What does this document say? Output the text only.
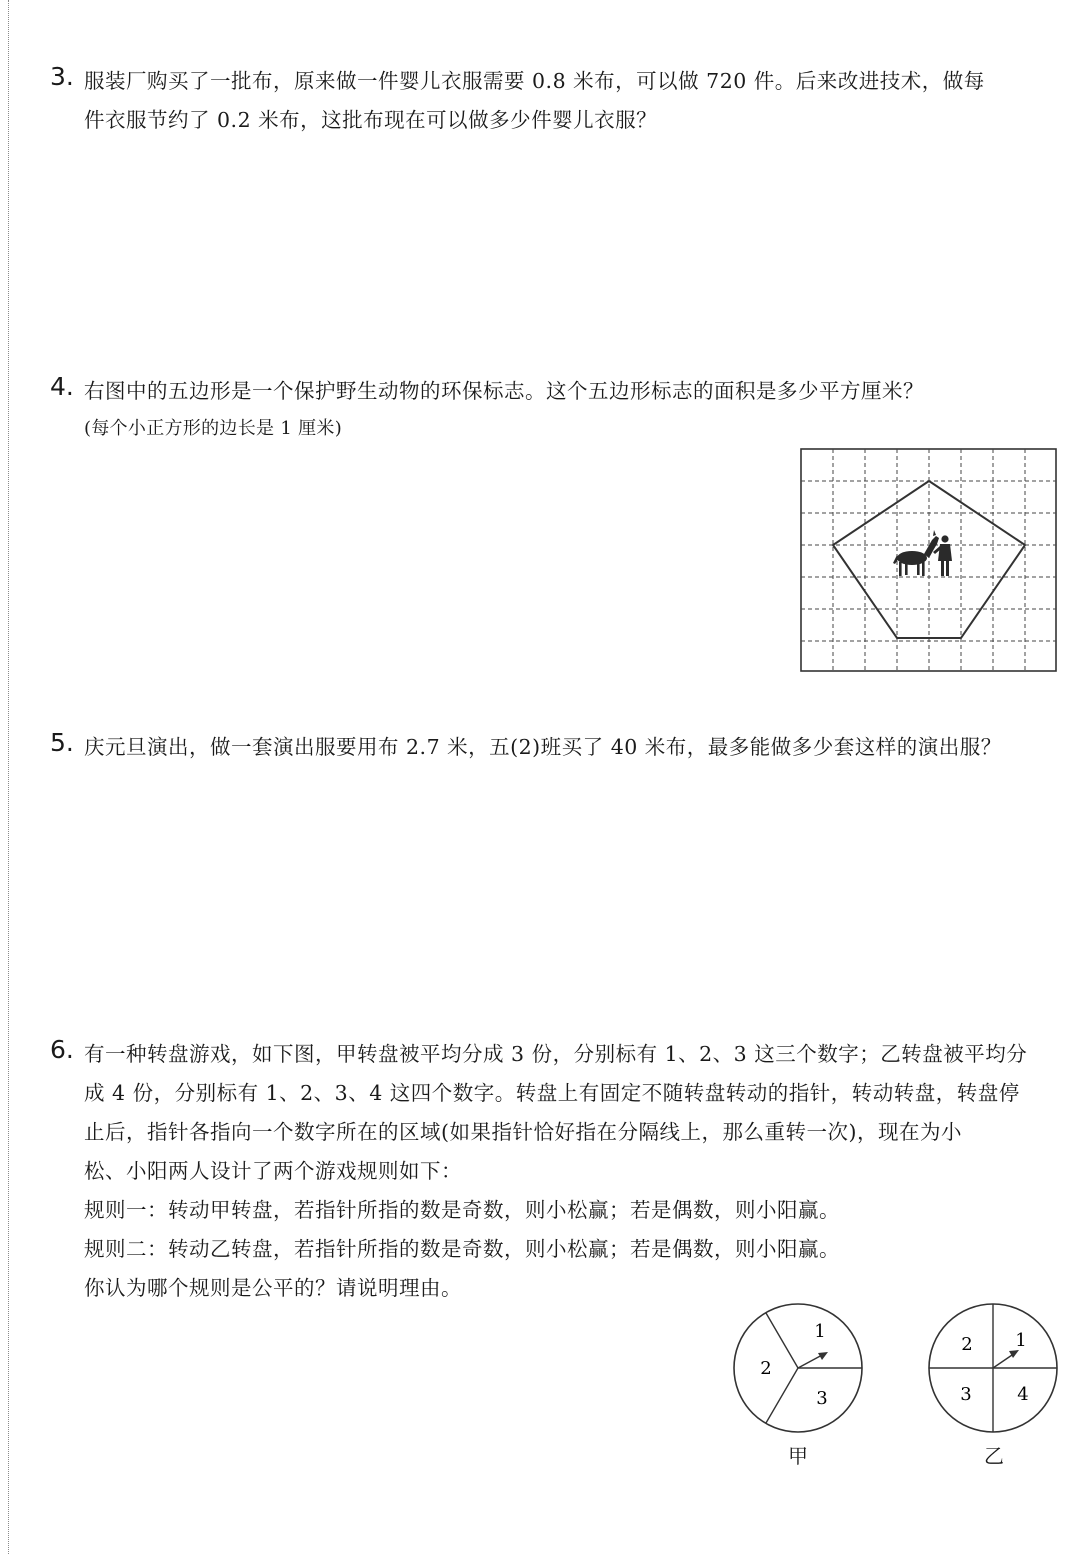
3. 服装厂购买了一批布，原来做一件婴儿衣服需要 0.8 米布，可以做 720 件。后来改进技术，做每
件衣服节约了 0.2 米布，这批布现在可以做多少件婴儿衣服？
4. 右图中的五边形是一个保护野生动物的环保标志。这个五边形标志的面积是多少平方厘米？
(每个小正方形的边长是 1 厘米)
5. 庆元旦演出，做一套演出服要用布 2.7 米，五(2)班买了 40 米布，最多能做多少套这样的演出服？
6. 有一种转盘游戏，如下图，甲转盘被平均分成 3 份，分别标有 1、2、3 这三个数字；乙转盘被平均分
成 4 份，分别标有 1、2、3、4 这四个数字。转盘上有固定不随转盘转动的指针，转动转盘，转盘停
止后，指针各指向一个数字所在的区域(如果指针恰好指在分隔线上，那么重转一次)，现在为小
松、小阳两人设计了两个游戏规则如下：
规则一：转动甲转盘，若指针所指的数是奇数，则小松赢；若是偶数，则小阳赢。
规则二：转动乙转盘，若指针所指的数是奇数，则小松赢；若是偶数，则小阳赢。
你认为哪个规则是公平的？请说明理由。
1
2
3
甲
1
2
3	4
乙
